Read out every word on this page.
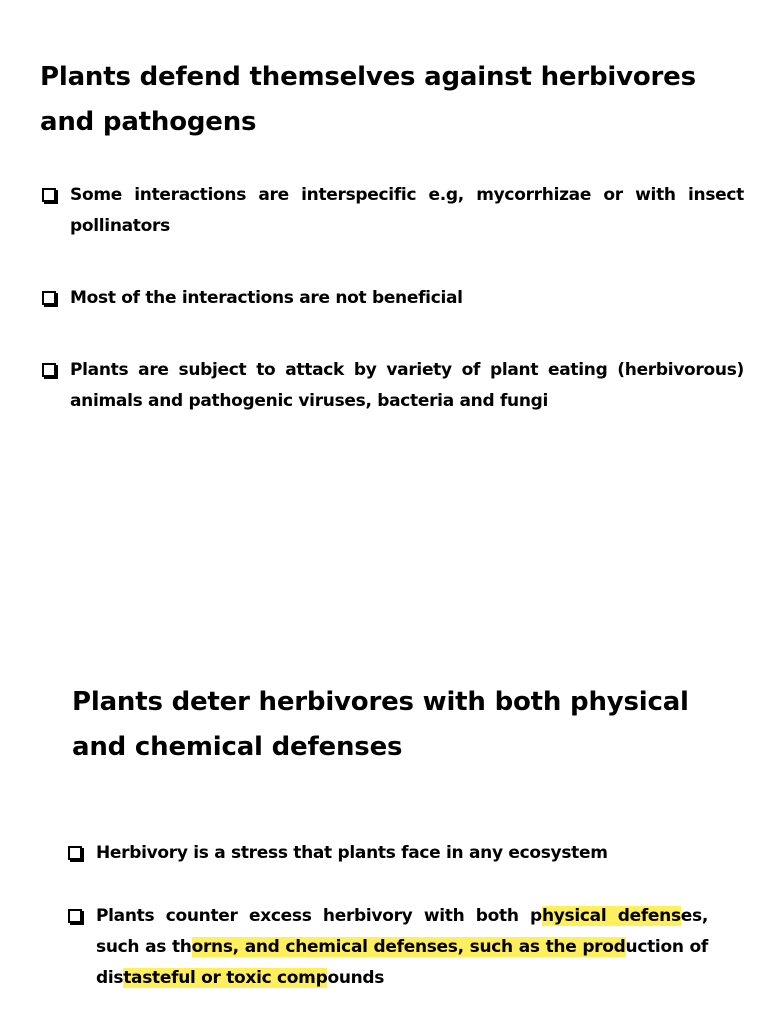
Plants defend themselves against herbivores and pathogens
Some interactions are interspecific e.g, mycorrhizae or with insect pollinators
Most of the interactions are not beneficial
Plants are subject to attack by variety of plant eating (herbivorous) animals and pathogenic viruses, bacteria and fungi
Plants deter herbivores with both physical and chemical defenses
Herbivory is a stress that plants face in any ecosystem
Plants counter excess herbivory with both physical defenses, such as thorns, and chemical defenses, such as the production of distasteful or toxic compounds
